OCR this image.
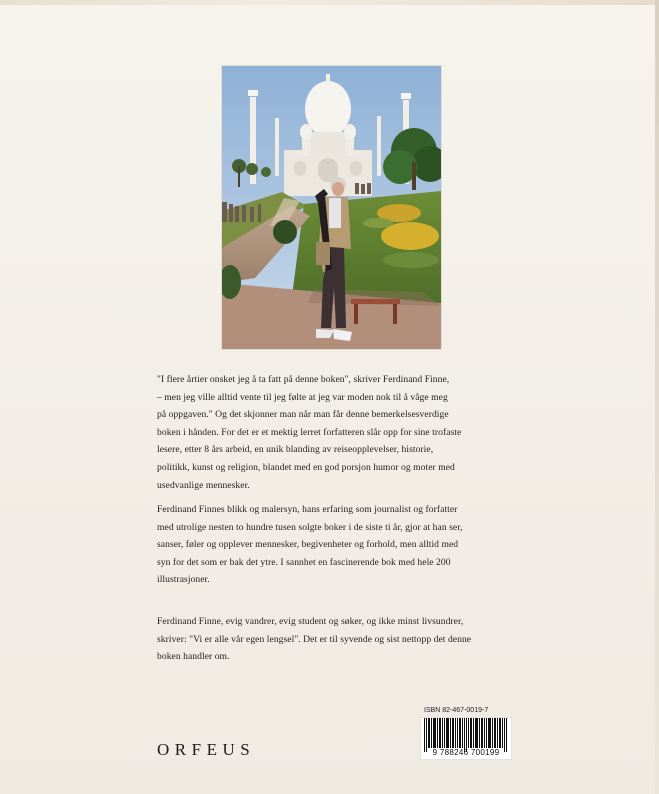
"I flere årtier onsket jeg å ta fatt på denne boken", skriver Ferdinand Finne,
– men jeg ville alltid vente til jeg følte at jeg var moden nok til å våge meg
på oppgaven." Og det skjonner man når man får denne bemerkelsesverdige
boken i hånden. For det er et mektig lerret forfatteren slår opp for sine trofaste
lesere, etter 8 års arbeid, en unik blanding av reiseopplevelser, historie,
politikk, kunst og religion, blandet med en god porsjon humor og moter med
usedvanlige mennesker.

Ferdinand Finnes blikk og malersyn, hans erfaring som journalist og forfatter
med utrolige nesten to hundre tusen solgte boker i de siste ti år, gjor at han ser,
sanser, føler og opplever mennesker, begivenheter og forhold, men alltid med
syn for det som er bak det ytre. I sannhet en fascinerende bok med hele 200
illustrasjoner.

Ferdinand Finne, evig vandrer, evig student og søker, og ikke minst livsundrer,
skriver: "Vi er alle vår egen lengsel". Det er til syvende og sist nettopp det denne
boken handler om.

ORFEUS
ISBN 82-467-0019-7
9 788246 700199
